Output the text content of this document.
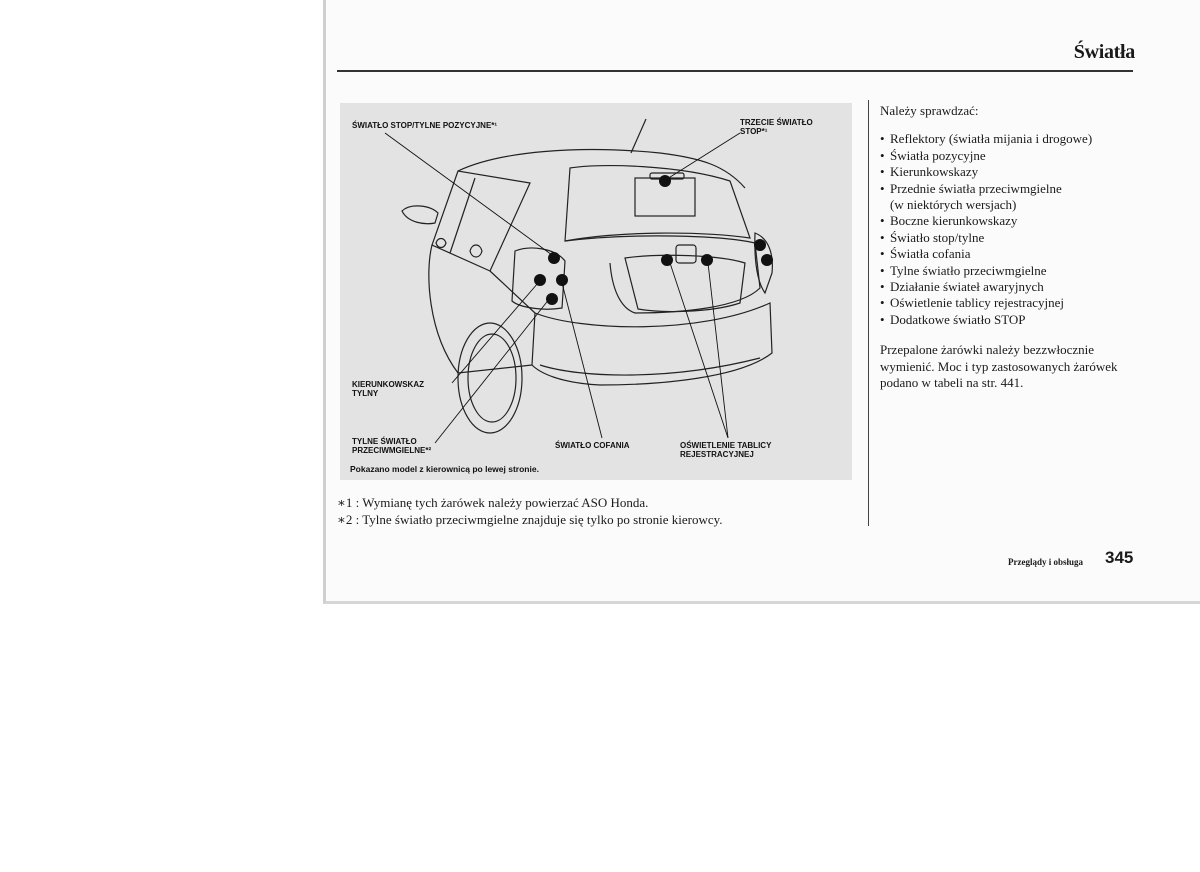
Światła
ŚWIATŁO STOP/TYLNE POZYCYJNE*¹	TRZECIE ŚWIATŁO
STOP*¹
KIERUNKOWSKAZ
TYLNY
TYLNE ŚWIATŁO
PRZECIWMGIELNE*²
ŚWIATŁO COFANIA	OŚWIETLENIE TABLICY
REJESTRACYJNEJ
Pokazano model z kierownicą po lewej stronie.
∗1 : Wymianę tych żarówek należy powierzać ASO Honda.
∗2 : Tylne światło przeciwmgielne znajduje się tylko po stronie kierowcy.
Należy sprawdzać:
• Reflektory (światła mijania i drogowe)
• Światła pozycyjne
• Kierunkowskazy
• Przednie światła przeciwmgielne
(w niektórych wersjach)
• Boczne kierunkowskazy
• Światło stop/tylne
• Światła cofania
• Tylne światło przeciwmgielne
• Działanie świateł awaryjnych
• Oświetlenie tablicy rejestracyjnej
• Dodatkowe światło STOP
Przepalone żarówki należy bezzwłocznie
wymienić. Moc i typ zastosowanych żarówek
podano w tabeli na str. 441.
Przeglądy i obsługa 345
